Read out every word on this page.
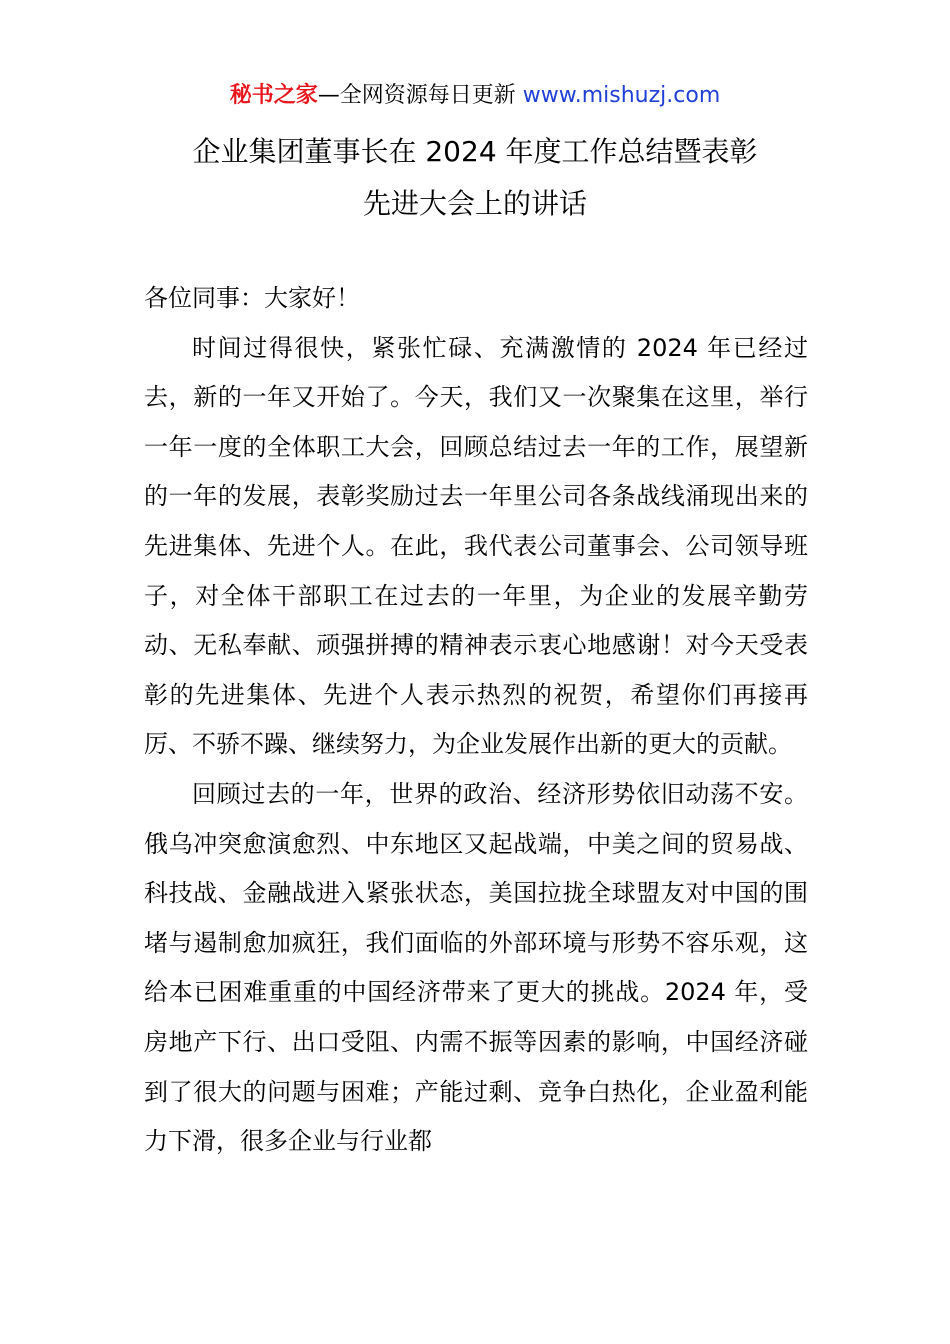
秘书之家—全网资源每日更新 www.mishuzj.com
企业集团董事长在 2024 年度工作总结暨表彰
先进大会上的讲话

各位同事：大家好！

时间过得很快，紧张忙碌、充满激情的 2024 年已经过去，新的一年又开始了。今天，我们又一次聚集在这里，举行一年一度的全体职工大会，回顾总结过去一年的工作，展望新的一年的发展，表彰奖励过去一年里公司各条战线涌现出来的先进集体、先进个人。在此，我代表公司董事会、公司领导班子，对全体干部职工在过去的一年里，为企业的发展辛勤劳动、无私奉献、顽强拼搏的精神表示衷心地感谢！对今天受表彰的先进集体、先进个人表示热烈的祝贺，希望你们再接再厉、不骄不躁、继续努力，为企业发展作出新的更大的贡献。

回顾过去的一年，世界的政治、经济形势依旧动荡不安。俄乌冲突愈演愈烈、中东地区又起战端，中美之间的贸易战、科技战、金融战进入紧张状态，美国拉拢全球盟友对中国的围堵与遏制愈加疯狂，我们面临的外部环境与形势不容乐观，这给本已困难重重的中国经济带来了更大的挑战。2024 年，受房地产下行、出口受阻、内需不振等因素的影响，中国经济碰到了很大的问题与困难；产能过剩、竞争白热化，企业盈利能力下滑，很多企业与行业都
